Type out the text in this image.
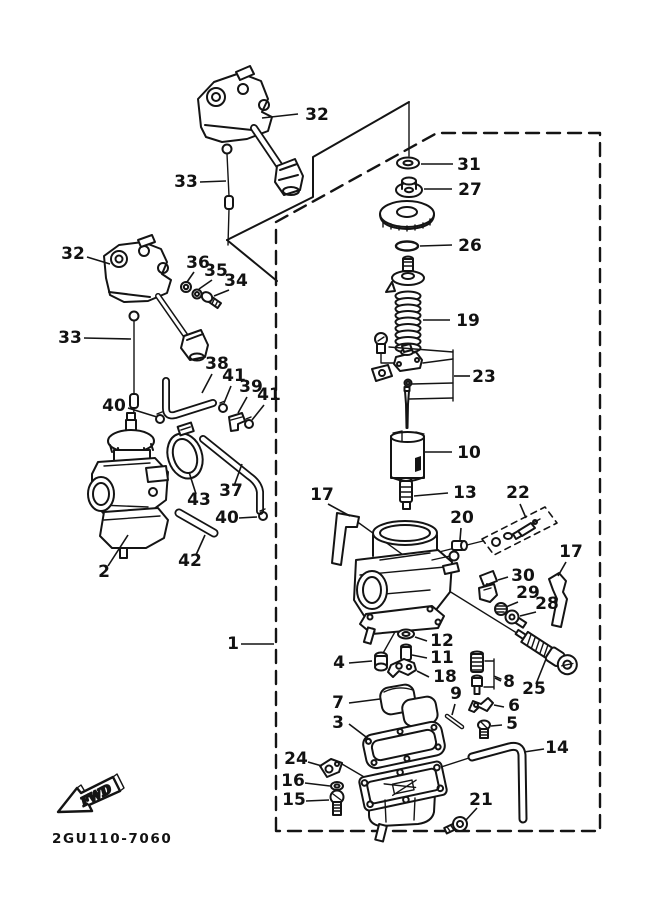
FWD
2GU110-7060
32
33
31
27
26
19
23
10
13
20
22
17
17
30
29
28
25
12
11
4
18	8
9
6
5
7
3
14
24
16
15	21
1
2
32
33
36
35
34
38
41
39
41
40
43 37
40
42
